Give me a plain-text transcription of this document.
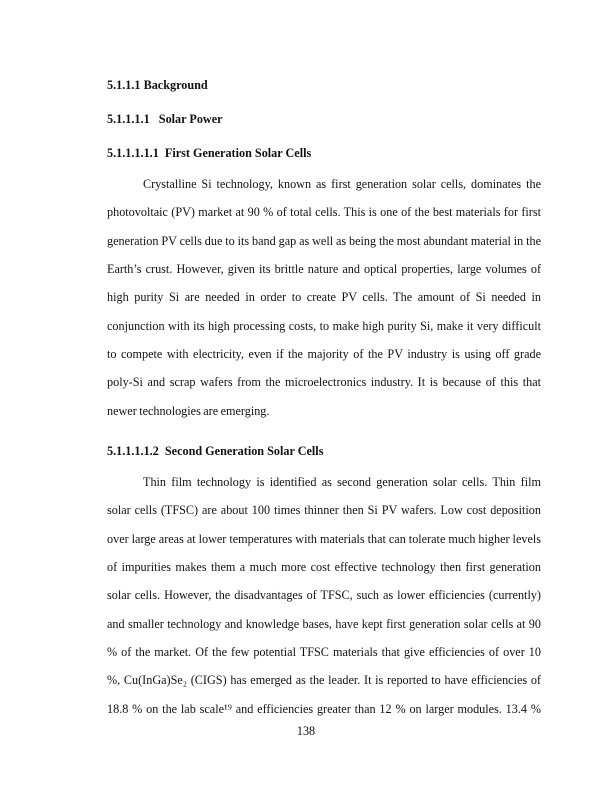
5.1.1.1 Background
5.1.1.1.1   Solar Power
5.1.1.1.1.1  First Generation Solar Cells
Crystalline Si technology, known as first generation solar cells, dominates the
photovoltaic (PV) market at 90 % of total cells. This is one of the best materials for first
generation PV cells due to its band gap as well as being the most abundant material in the
Earth’s crust. However, given its brittle nature and optical properties, large volumes of
high purity Si are needed in order to create PV cells. The amount of Si needed in
conjunction with its high processing costs, to make high purity Si, make it very difficult
to compete with electricity, even if the majority of the PV industry is using off grade
poly-Si and scrap wafers from the microelectronics industry. It is because of this that
newer technologies are emerging.
5.1.1.1.1.2  Second Generation Solar Cells
Thin film technology is identified as second generation solar cells. Thin film
solar cells (TFSC) are about 100 times thinner then Si PV wafers. Low cost deposition
over large areas at lower temperatures with materials that can tolerate much higher levels
of impurities makes them a much more cost effective technology then first generation
solar cells. However, the disadvantages of TFSC, such as lower efficiencies (currently)
and smaller technology and knowledge bases, have kept first generation solar cells at 90
% of the market. Of the few potential TFSC materials that give efficiencies of over 10
%, Cu(InGa)Se₂ (CIGS) has emerged as the leader. It is reported to have efficiencies of
18.8 % on the lab scale¹⁹ and efficiencies greater than 12 % on larger modules. 13.4 %
138
